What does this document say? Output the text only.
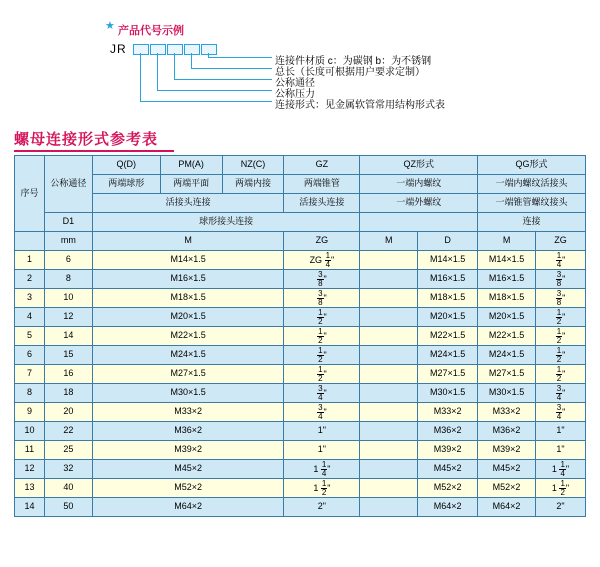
★ 产品代号示例
JR
连接件材质 c：为碳钢 b：为不锈钢
总长（长度可根据用户要求定制）
公称通径
公称压力
连接形式：见金属软管常用结构形式表
螺母连接形式参考表
序号	公称通径	Q(D)	PM(A)	NZ(C)	GZ	QZ形式		QG形式	
		两端球形	两端平面	两端内接	两端锥管	一端内螺纹		一端内螺纹活接头	
		活接头连接			活接头连接	一端外螺纹		一端锥管螺纹接头	
	D1	球形接头连接						连接	
	mm	M			ZG	M	D	M	ZG
1	6	M14×1.5			ZG $\frac{1}{4}$ "		M14×1.5	M14×1.5	$\frac{1}{4}$ "
2	8	M16×1.5			$\frac{3}{8}$ "		M16×1.5	M16×1.5	$\frac{3}{8}$ "
3	10	M18×1.5			$\frac{3}{8}$ "		M18×1.5	M18×1.5	$\frac{3}{8}$ "
4	12	M20×1.5			$\frac{1}{2}$ "		M20×1.5	M20×1.5	$\frac{1}{2}$ "
5	14	M22×1.5			$\frac{1}{2}$ "		M22×1.5	M22×1.5	$\frac{1}{2}$ "
6	15	M24×1.5			$\frac{1}{2}$ "		M24×1.5	M24×1.5	$\frac{1}{2}$ "
7	16	M27×1.5			$\frac{1}{2}$ "		M27×1.5	M27×1.5	$\frac{1}{2}$ "
8	18	M30×1.5			$\frac{3}{4}$ "		M30×1.5	M30×1.5	$\frac{3}{4}$ "
9	20	M33×2			$\frac{3}{4}$ "		M33×2	M33×2	$\frac{3}{4}$ "
10	22	M36×2			1"		M36×2	M36×2	1"
11	25	M39×2			1"		M39×2	M39×2	1"
12	32	M45×2			$1 \frac{1}{4}$ "		M45×2	M45×2	$1 \frac{1}{4}$ "
13	40	M52×2			$1 \frac{1}{2}$ "		M52×2	M52×2	$1 \frac{1}{2}$ "
14	50	M64×2			2"		M64×2	M64×2	2"
